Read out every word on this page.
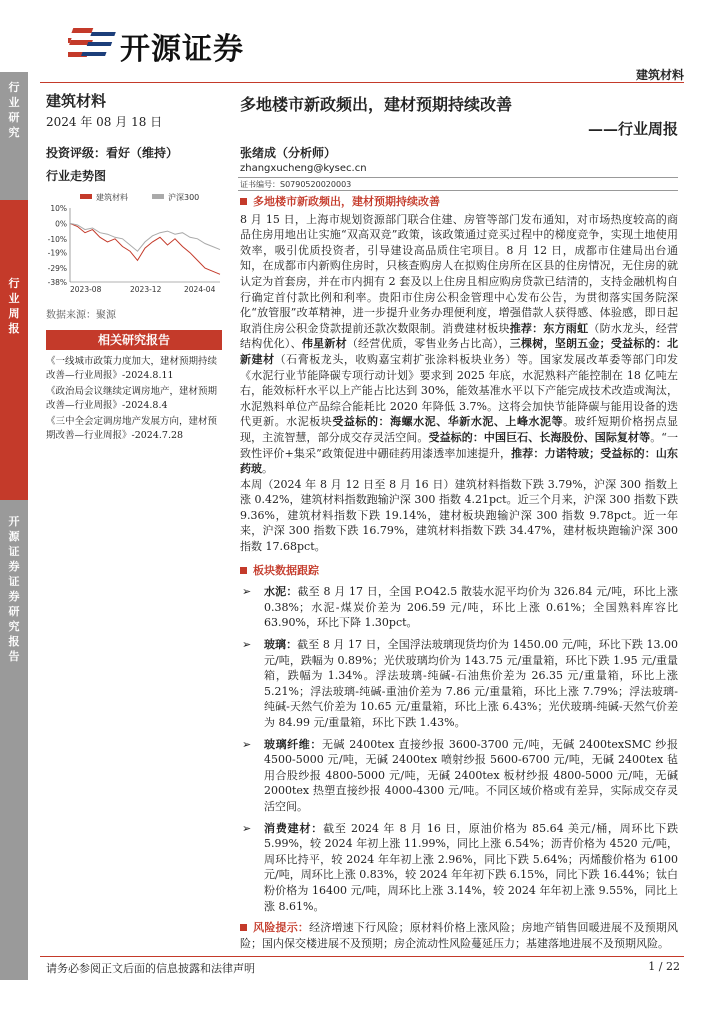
开源证券
建筑材料
行业研究
行业周报
开源证券 证券研究报告
建筑材料
2024 年 08 月 18 日
投资评级：看好（维持）
行业走势图
建筑材料	沪深300
10%
0%
-10%
-19%
-29%
-38%
2023-08	2023-12	2024-04
数据来源：聚源
相关研究报告
《一线城市政策力度加大，建材预期持续改善—行业周报》-2024.8.11
《政治局会议继续定调房地产，建材预期改善—行业周报》-2024.8.4
《三中全会定调房地产发展方向，建材预期改善—行业周报》-2024.7.28
多地楼市新政频出，建材预期持续改善
——行业周报
张绪成（分析师）
zhangxucheng@kysec.cn
证书编号：S0790520020003
多地楼市新政频出，建材预期持续改善

8 月 15 日，上海市规划资源部门联合住建、房管等部门发布通知，对市场热度较高的商品住房用地出让实施“双高双竞”政策，该政策通过竞买过程中的梯度竞争，实现土地使用效率，吸引优质投资者，引导建设高品质住宅项目。8 月 12 日，成都市住建局出台通知，在成都市内新购住房时，只核查购房人在拟购住房所在区县的住房情况，无住房的就认定为首套房，并在市内拥有 2 套及以上住房且相应购房贷款已结清的，支持金融机构自行确定首付款比例和利率。贵阳市住房公积金管理中心发布公告，为贯彻落实国务院深化“放管服”改革精神，进一步提升业务办理便利度，增强借款人获得感、体验感，即日起取消住房公积金贷款提前还款次数限制。消费建材板块推荐：东方雨虹（防水龙头，经营结构优化）、伟星新材（经营优质，零售业务占比高），三棵树，坚朗五金；受益标的：北新建材（石膏板龙头，收购嘉宝莉扩张涂料板块业务）等。国家发展改革委等部门印发《水泥行业节能降碳专项行动计划》要求到 2025 年底，水泥熟料产能控制在 18 亿吨左右，能效标杆水平以上产能占比达到 30%，能效基准水平以下产能完成技术改造或淘汰，水泥熟料单位产品综合能耗比 2020 年降低 3.7%。这将会加快节能降碳与能用设备的迭代更新。水泥板块受益标的：海螺水泥、华新水泥、上峰水泥等。玻纤短期价格拐点显现，主流智慧，部分成交存灵活空间。受益标的：中国巨石、长海股份、国际复材等。“一致性评价+集采”政策促进中硼硅药用漆透率加速提升，推荐：力诺特玻；受益标的：山东药玻。

本周（2024 年 8 月 12 日至 8 月 16 日）建筑材料指数下跌 3.79%，沪深 300 指数上涨 0.42%，建筑材料指数跑输沪深 300 指数 4.21pct。近三个月来，沪深 300 指数下跌 9.36%，建筑材料指数下跌 19.14%，建材板块跑输沪深 300 指数 9.78pct。近一年来，沪深 300 指数下跌 16.79%，建筑材料指数下跌 34.47%，建材板块跑输沪深 300 指数 17.68pct。

板块数据跟踪
➢ 水泥：截至 8 月 17 日，全国 P.O42.5 散装水泥平均价为 326.84 元/吨，环比上涨 0.38%；水泥-煤炭价差为 206.59 元/吨，环比上涨 0.61%；全国熟料库容比 63.90%，环比下降 1.30pct。
➢ 玻璃：截至 8 月 17 日，全国浮法玻璃现货均价为 1450.00 元/吨，环比下跌 13.00 元/吨，跌幅为 0.89%；光伏玻璃均价为 143.75 元/重量箱，环比下跌 1.95 元/重量箱，跌幅为 1.34%。浮法玻璃-纯碱-石油焦价差为 26.35 元/重量箱，环比上涨 5.21%；浮法玻璃-纯碱-重油价差为 7.86 元/重量箱，环比上涨 7.79%；浮法玻璃-纯碱-天然气价差为 10.65 元/重量箱，环比上涨 6.43%；光伏玻璃-纯碱-天然气价差为 84.99 元/重量箱，环比下跌 1.43%。
➢ 玻璃纤维：无碱 2400tex 直接纱报 3600-3700 元/吨，无碱 2400texSMC 纱报 4500-5000 元/吨，无碱 2400tex 喷射纱报 5600-6700 元/吨，无碱 2400tex 毡用合股纱报 4800-5000 元/吨，无碱 2400tex 板材纱报 4800-5000 元/吨，无碱 2000tex 热塑直接纱报 4000-4300 元/吨。不同区域价格或有差异，实际成交存灵活空间。
➢ 消费建材：截至 2024 年 8 月 16 日，原油价格为 85.64 美元/桶，周环比下跌 5.99%，较 2024 年初上涨 11.99%，同比上涨 6.54%；沥青价格为 4520 元/吨，周环比持平，较 2024 年年初上涨 2.96%，同比下跌 5.64%；丙烯酸价格为 6100 元/吨，周环比上涨 0.83%，较 2024 年年初下跌 6.15%，同比下跌 16.44%；钛白粉价格为 16400 元/吨，周环比上涨 3.14%，较 2024 年年初上涨 9.55%，同比上涨 8.61%。
风险提示：经济增速下行风险；原材料价格上涨风险；房地产销售回暖进展不及预期风险；国内保交楼进展不及预期；房企流动性风险蔓延压力；基建落地进展不及预期风险。
请务必参阅正文后面的信息披露和法律声明	1 / 22
